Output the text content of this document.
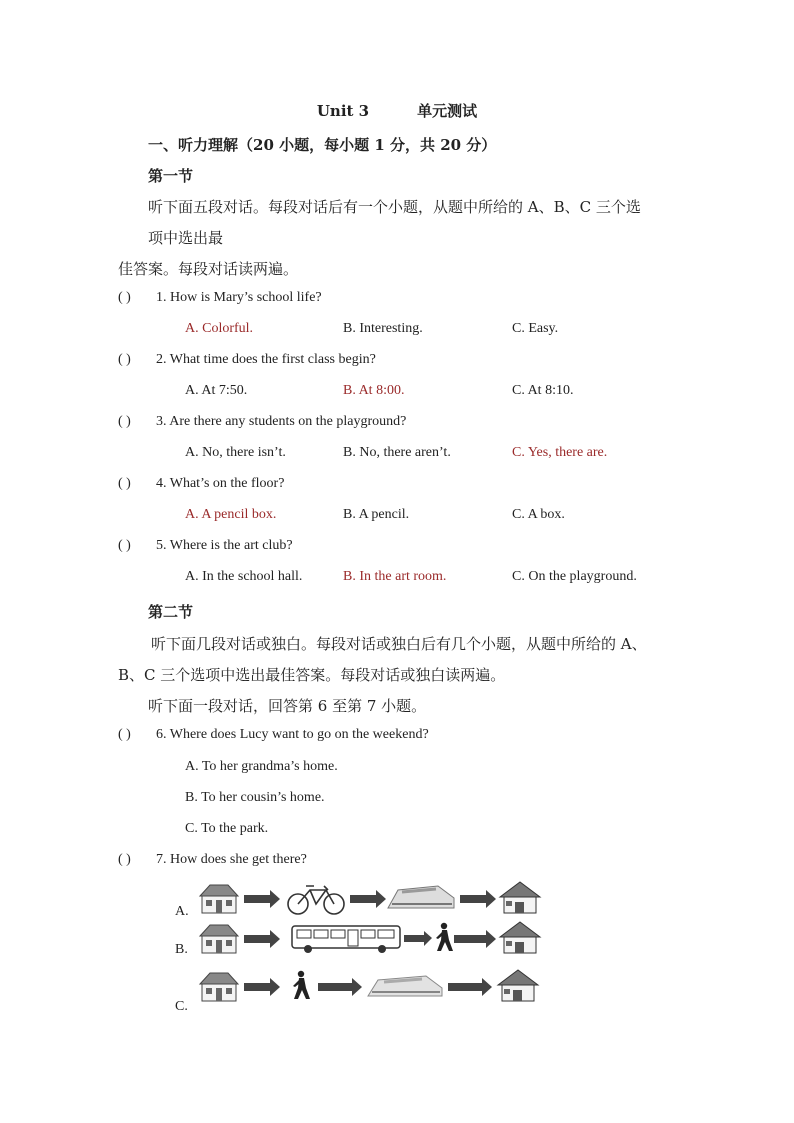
Unit 3	单元测试
一、听力理解（20 小题，每小题 1 分，共 20 分）
第一节
听下面五段对话。每段对话后有一个小题，从题中所给的 A、B、C 三个选
项中选出最
佳答案。每段对话读两遍。
( ) 1. How is Mary’s school life?
A. Colorful.	B. Interesting.	C. Easy.
( ) 2. What time does the first class begin?
A. At 7:50.	B. At 8:00.	C. At 8:10.
( ) 3. Are there any students on the playground?
A. No, there isn’t.	B. No, there aren’t.	C. Yes, there are.
( ) 4. What’s on the floor?
A. A pencil box.	B. A pencil.	C. A box.
( ) 5. Where is the art club?
A. In the school hall.	B. In the art room.	C. On the playground.
第二节
听下面几段对话或独白。每段对话或独白后有几个小题，从题中所给的 A、
B、C 三个选项中选出最佳答案。每段对话或独白读两遍。
听下面一段对话，回答第 6 至第 7 小题。
( ) 6. Where does Lucy want to go on the weekend?
A. To her grandma’s home.
B. To her cousin’s home.
C. To the park.
( ) 7. How does she get there?
A.
B.
C.
